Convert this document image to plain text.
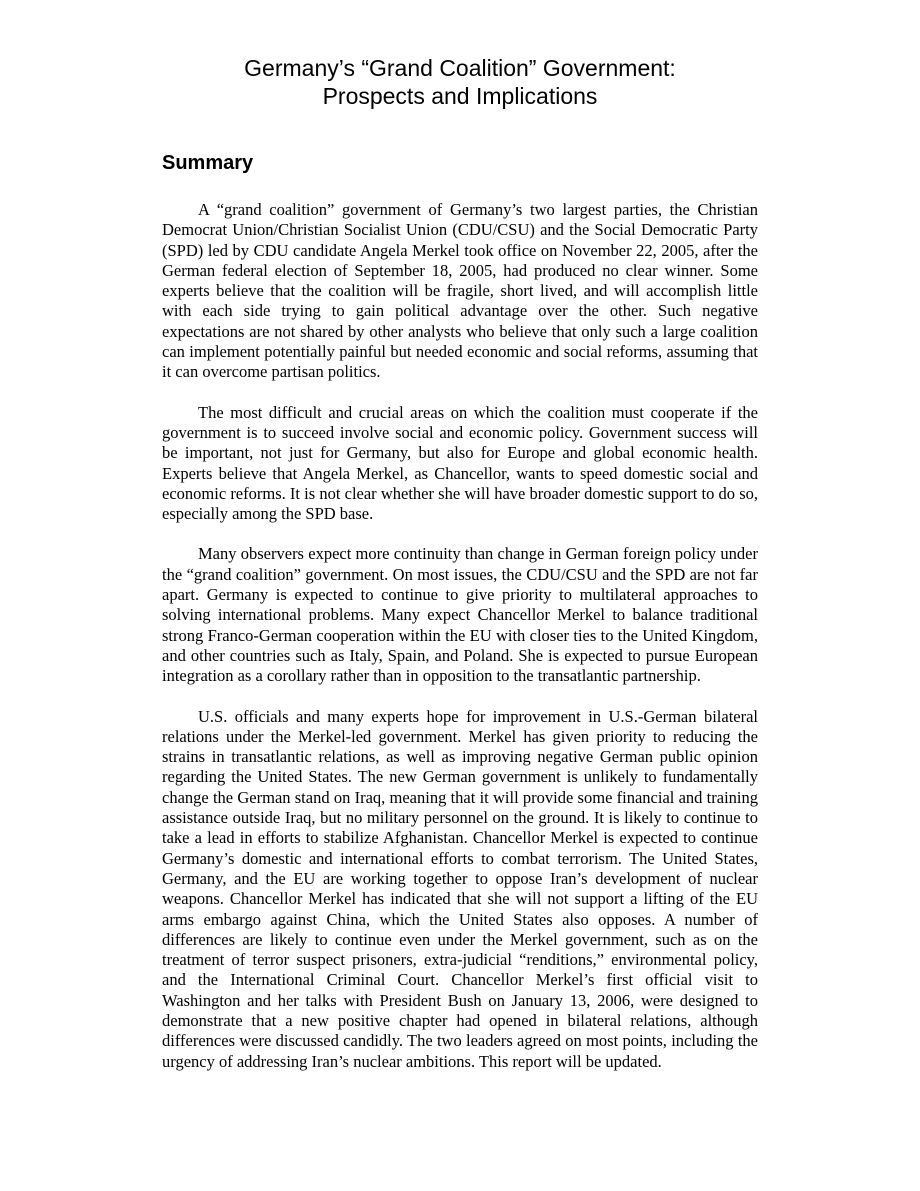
Germany’s “Grand Coalition” Government:
Prospects and Implications
Summary

A “grand coalition” government of Germany’s two largest parties, the Christian Democrat Union/Christian Socialist Union (CDU/CSU) and the Social Democratic Party (SPD) led by CDU candidate Angela Merkel took office on November 22, 2005, after the German federal election of September 18, 2005, had produced no clear winner. Some experts believe that the coalition will be fragile, short lived, and will accomplish little with each side trying to gain political advantage over the other. Such negative expectations are not shared by other analysts who believe that only such a large coalition can implement potentially painful but needed economic and social reforms, assuming that it can overcome partisan politics.

The most difficult and crucial areas on which the coalition must cooperate if the government is to succeed involve social and economic policy. Government success will be important, not just for Germany, but also for Europe and global economic health. Experts believe that Angela Merkel, as Chancellor, wants to speed domestic social and economic reforms. It is not clear whether she will have broader domestic support to do so, especially among the SPD base.

Many observers expect more continuity than change in German foreign policy under the “grand coalition” government. On most issues, the CDU/CSU and the SPD are not far apart. Germany is expected to continue to give priority to multilateral approaches to solving international problems. Many expect Chancellor Merkel to balance traditional strong Franco-German cooperation within the EU with closer ties to the United Kingdom, and other countries such as Italy, Spain, and Poland. She is expected to pursue European integration as a corollary rather than in opposition to the transatlantic partnership.

U.S. officials and many experts hope for improvement in U.S.-German bilateral relations under the Merkel-led government. Merkel has given priority to reducing the strains in transatlantic relations, as well as improving negative German public opinion regarding the United States. The new German government is unlikely to fundamentally change the German stand on Iraq, meaning that it will provide some financial and training assistance outside Iraq, but no military personnel on the ground. It is likely to continue to take a lead in efforts to stabilize Afghanistan. Chancellor Merkel is expected to continue Germany’s domestic and international efforts to combat terrorism. The United States, Germany, and the EU are working together to oppose Iran’s development of nuclear weapons. Chancellor Merkel has indicated that she will not support a lifting of the EU arms embargo against China, which the United States also opposes. A number of differences are likely to continue even under the Merkel government, such as on the treatment of terror suspect prisoners, extra-judicial “renditions,” environmental policy, and the International Criminal Court. Chancellor Merkel’s first official visit to Washington and her talks with President Bush on January 13, 2006, were designed to demonstrate that a new positive chapter had opened in bilateral relations, although differences were discussed candidly. The two leaders agreed on most points, including the urgency of addressing Iran’s nuclear ambitions. This report will be updated.
